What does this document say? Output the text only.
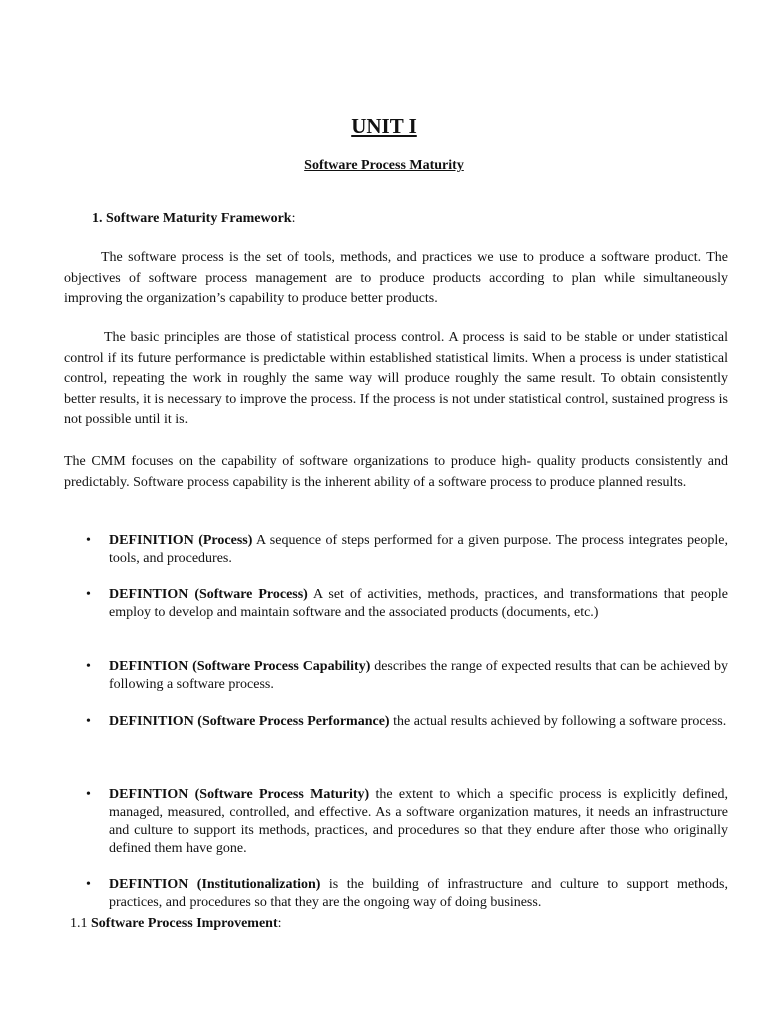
UNIT I
Software Process Maturity

1. Software Maturity Framework:

The software process is the set of tools, methods, and practices we use to produce a software product. The objectives of software process management are to produce products according to plan while simultaneously improving the organization’s capability to produce better products.

The basic principles are those of statistical process control. A process is said to be stable or under statistical control if its future performance is predictable within established statistical limits. When a process is under statistical control, repeating the work in roughly the same way will produce roughly the same result. To obtain consistently better results, it is necessary to improve the process. If the process is not under statistical control, sustained progress is not possible until it is.

The CMM focuses on the capability of software organizations to produce high- quality products consistently and predictably. Software process capability is the inherent ability of a software process to produce planned results.

•	DEFINITION (Process) A sequence of steps performed for a given purpose. The process integrates people, tools, and procedures.
•	DEFINTION (Software Process) A set of activities, methods, practices, and transformations that people employ to develop and maintain software and the associated products (documents, etc.)
•	DEFINTION (Software Process Capability) describes the range of expected results that can be achieved by following a software process.
•	DEFINITION (Software Process Performance) the actual results achieved by following a software process.
•	DEFINTION (Software Process Maturity) the extent to which a specific process is explicitly defined, managed, measured, controlled, and effective. As a software organization matures, it needs an infrastructure and culture to support its methods, practices, and procedures so that they endure after those who originally defined them have gone.
•	DEFINTION (Institutionalization) is the building of infrastructure and culture to support methods, practices, and procedures so that they are the ongoing way of doing business.

1.1 Software Process Improvement:
